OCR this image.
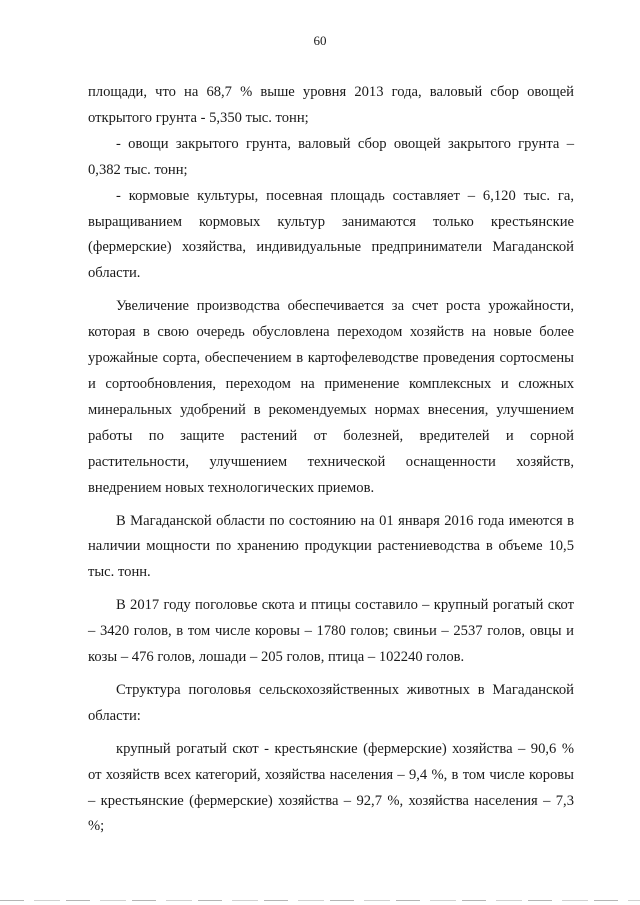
60

площади, что на 68,7 % выше уровня 2013 года, валовый сбор овощей открытого грунта - 5,350 тыс. тонн;

- овощи закрытого грунта, валовый сбор овощей закрытого грунта – 0,382 тыс. тонн;

- кормовые культуры, посевная площадь составляет – 6,120 тыс. га, выращиванием кормовых культур занимаются только крестьянские (фермерские) хозяйства, индивидуальные предприниматели Магаданской области.

Увеличение производства обеспечивается за счет роста урожайности, которая в свою очередь обусловлена переходом хозяйств на новые более урожайные сорта, обеспечением в картофелеводстве проведения сортосмены и сортообновления, переходом на применение комплексных и сложных минеральных удобрений в рекомендуемых нормах внесения, улучшением работы по защите растений от болезней, вредителей и сорной растительности, улучшением технической оснащенности хозяйств, внедрением новых технологических приемов.

В Магаданской области по состоянию на 01 января 2016 года имеются в наличии мощности по хранению продукции растениеводства в объеме 10,5 тыс. тонн.

В 2017 году поголовье скота и птицы составило – крупный рогатый скот – 3420 голов, в том числе коровы – 1780 голов; свиньи – 2537 голов, овцы и козы – 476 голов, лошади – 205 голов, птица – 102240 голов.

Структура поголовья сельскохозяйственных животных в Магаданской области:

крупный рогатый скот - крестьянские (фермерские) хозяйства – 90,6 % от хозяйств всех категорий, хозяйства населения – 9,4 %, в том числе коровы – крестьянские (фермерские) хозяйства – 92,7 %, хозяйства населения – 7,3 %;
